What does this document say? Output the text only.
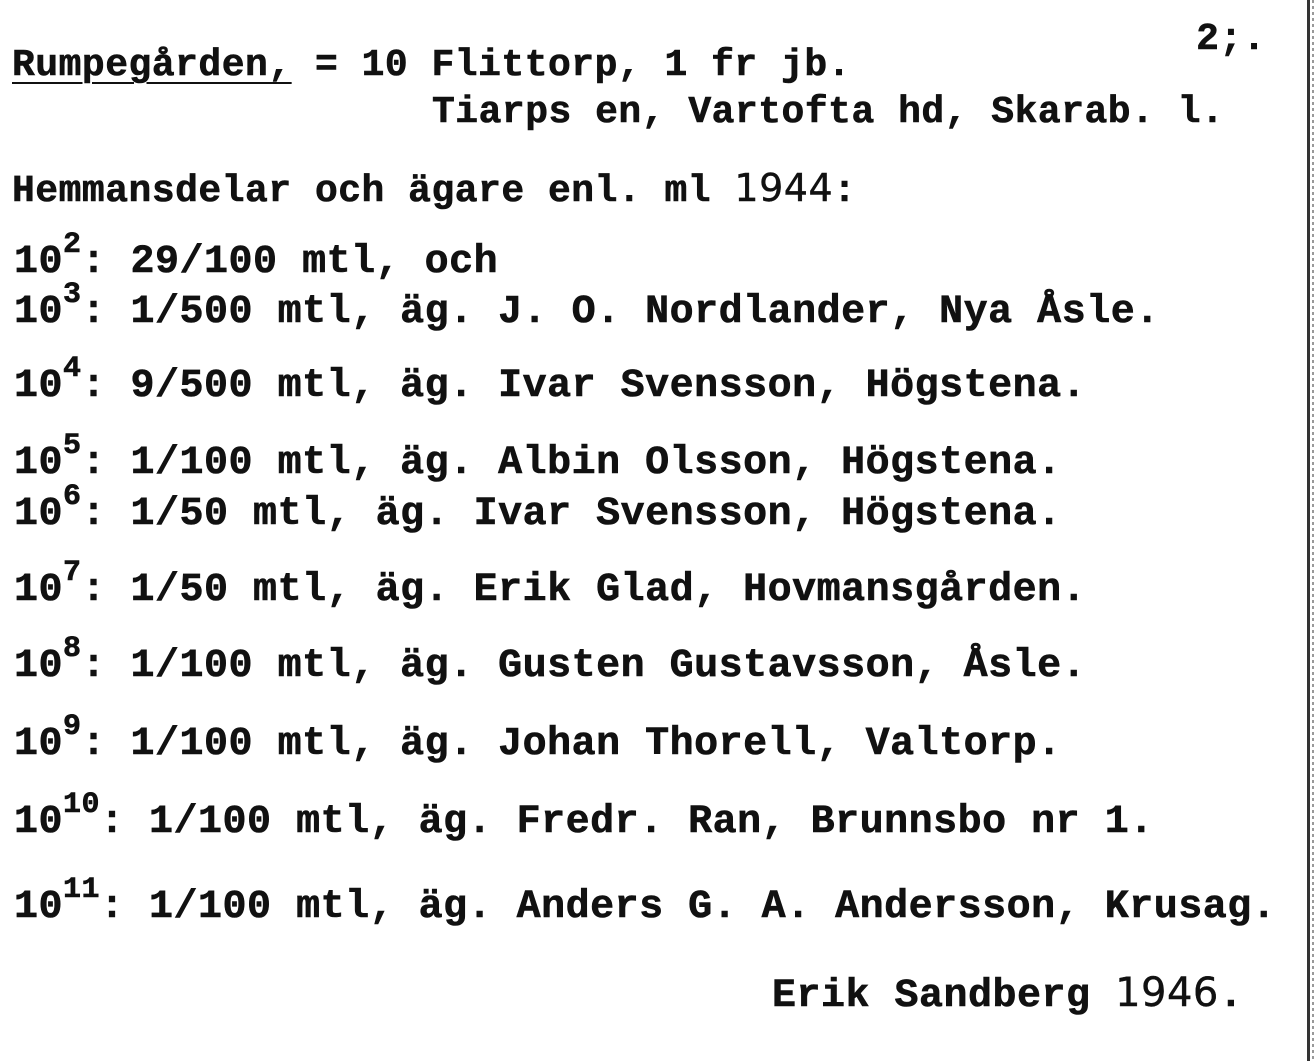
2;.
Rumpegården, = 10 Flittorp, 1 fr jb.
Tiarps en, Vartofta hd, Skarab. l.
Hemmansdelar och ägare enl. ml 1944:
$10^2$: 29/100 mtl, och
$10^3$: 1/500 mtl, äg. J. O. Nordlander, Nya Åsle.
$10^4$: 9/500 mtl, äg. Ivar Svensson, Högstena.
$10^5$: 1/100 mtl, äg. Albin Olsson, Högstena.
$10^6$: 1/50 mtl, äg. Ivar Svensson, Högstena.
$10^7$: 1/50 mtl, äg. Erik Glad, Hovmansgården.
$10^8$: 1/100 mtl, äg. Gusten Gustavsson, Åsle.
$10^9$: 1/100 mtl, äg. Johan Thorell, Valtorp.
$10^{10}$: 1/100 mtl, äg. Fredr. Ran, Brunnsbo nr 1.
$10^{11}$: 1/100 mtl, äg. Anders G. A. Andersson, Krusag.
Erik Sandberg 1946.
